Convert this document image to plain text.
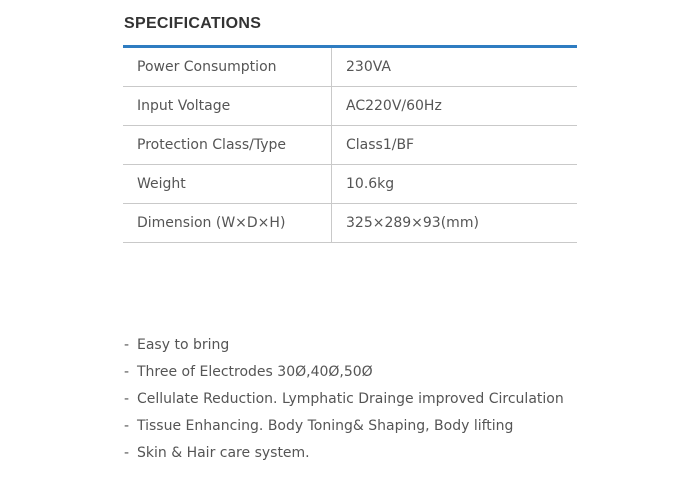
SPECIFICATIONS
Power Consumption	230VA
Input Voltage	AC220V/60Hz
Protection Class/Type	Class1/BF
Weight	10.6kg
Dimension (W×D×H)	325×289×93(mm)
- Easy to bring
- Three of Electrodes 30Ø,40Ø,50Ø
- Cellulate Reduction. Lymphatic Drainge improved Circulation
- Tissue Enhancing. Body Toning& Shaping, Body lifting
- Skin & Hair care system.
